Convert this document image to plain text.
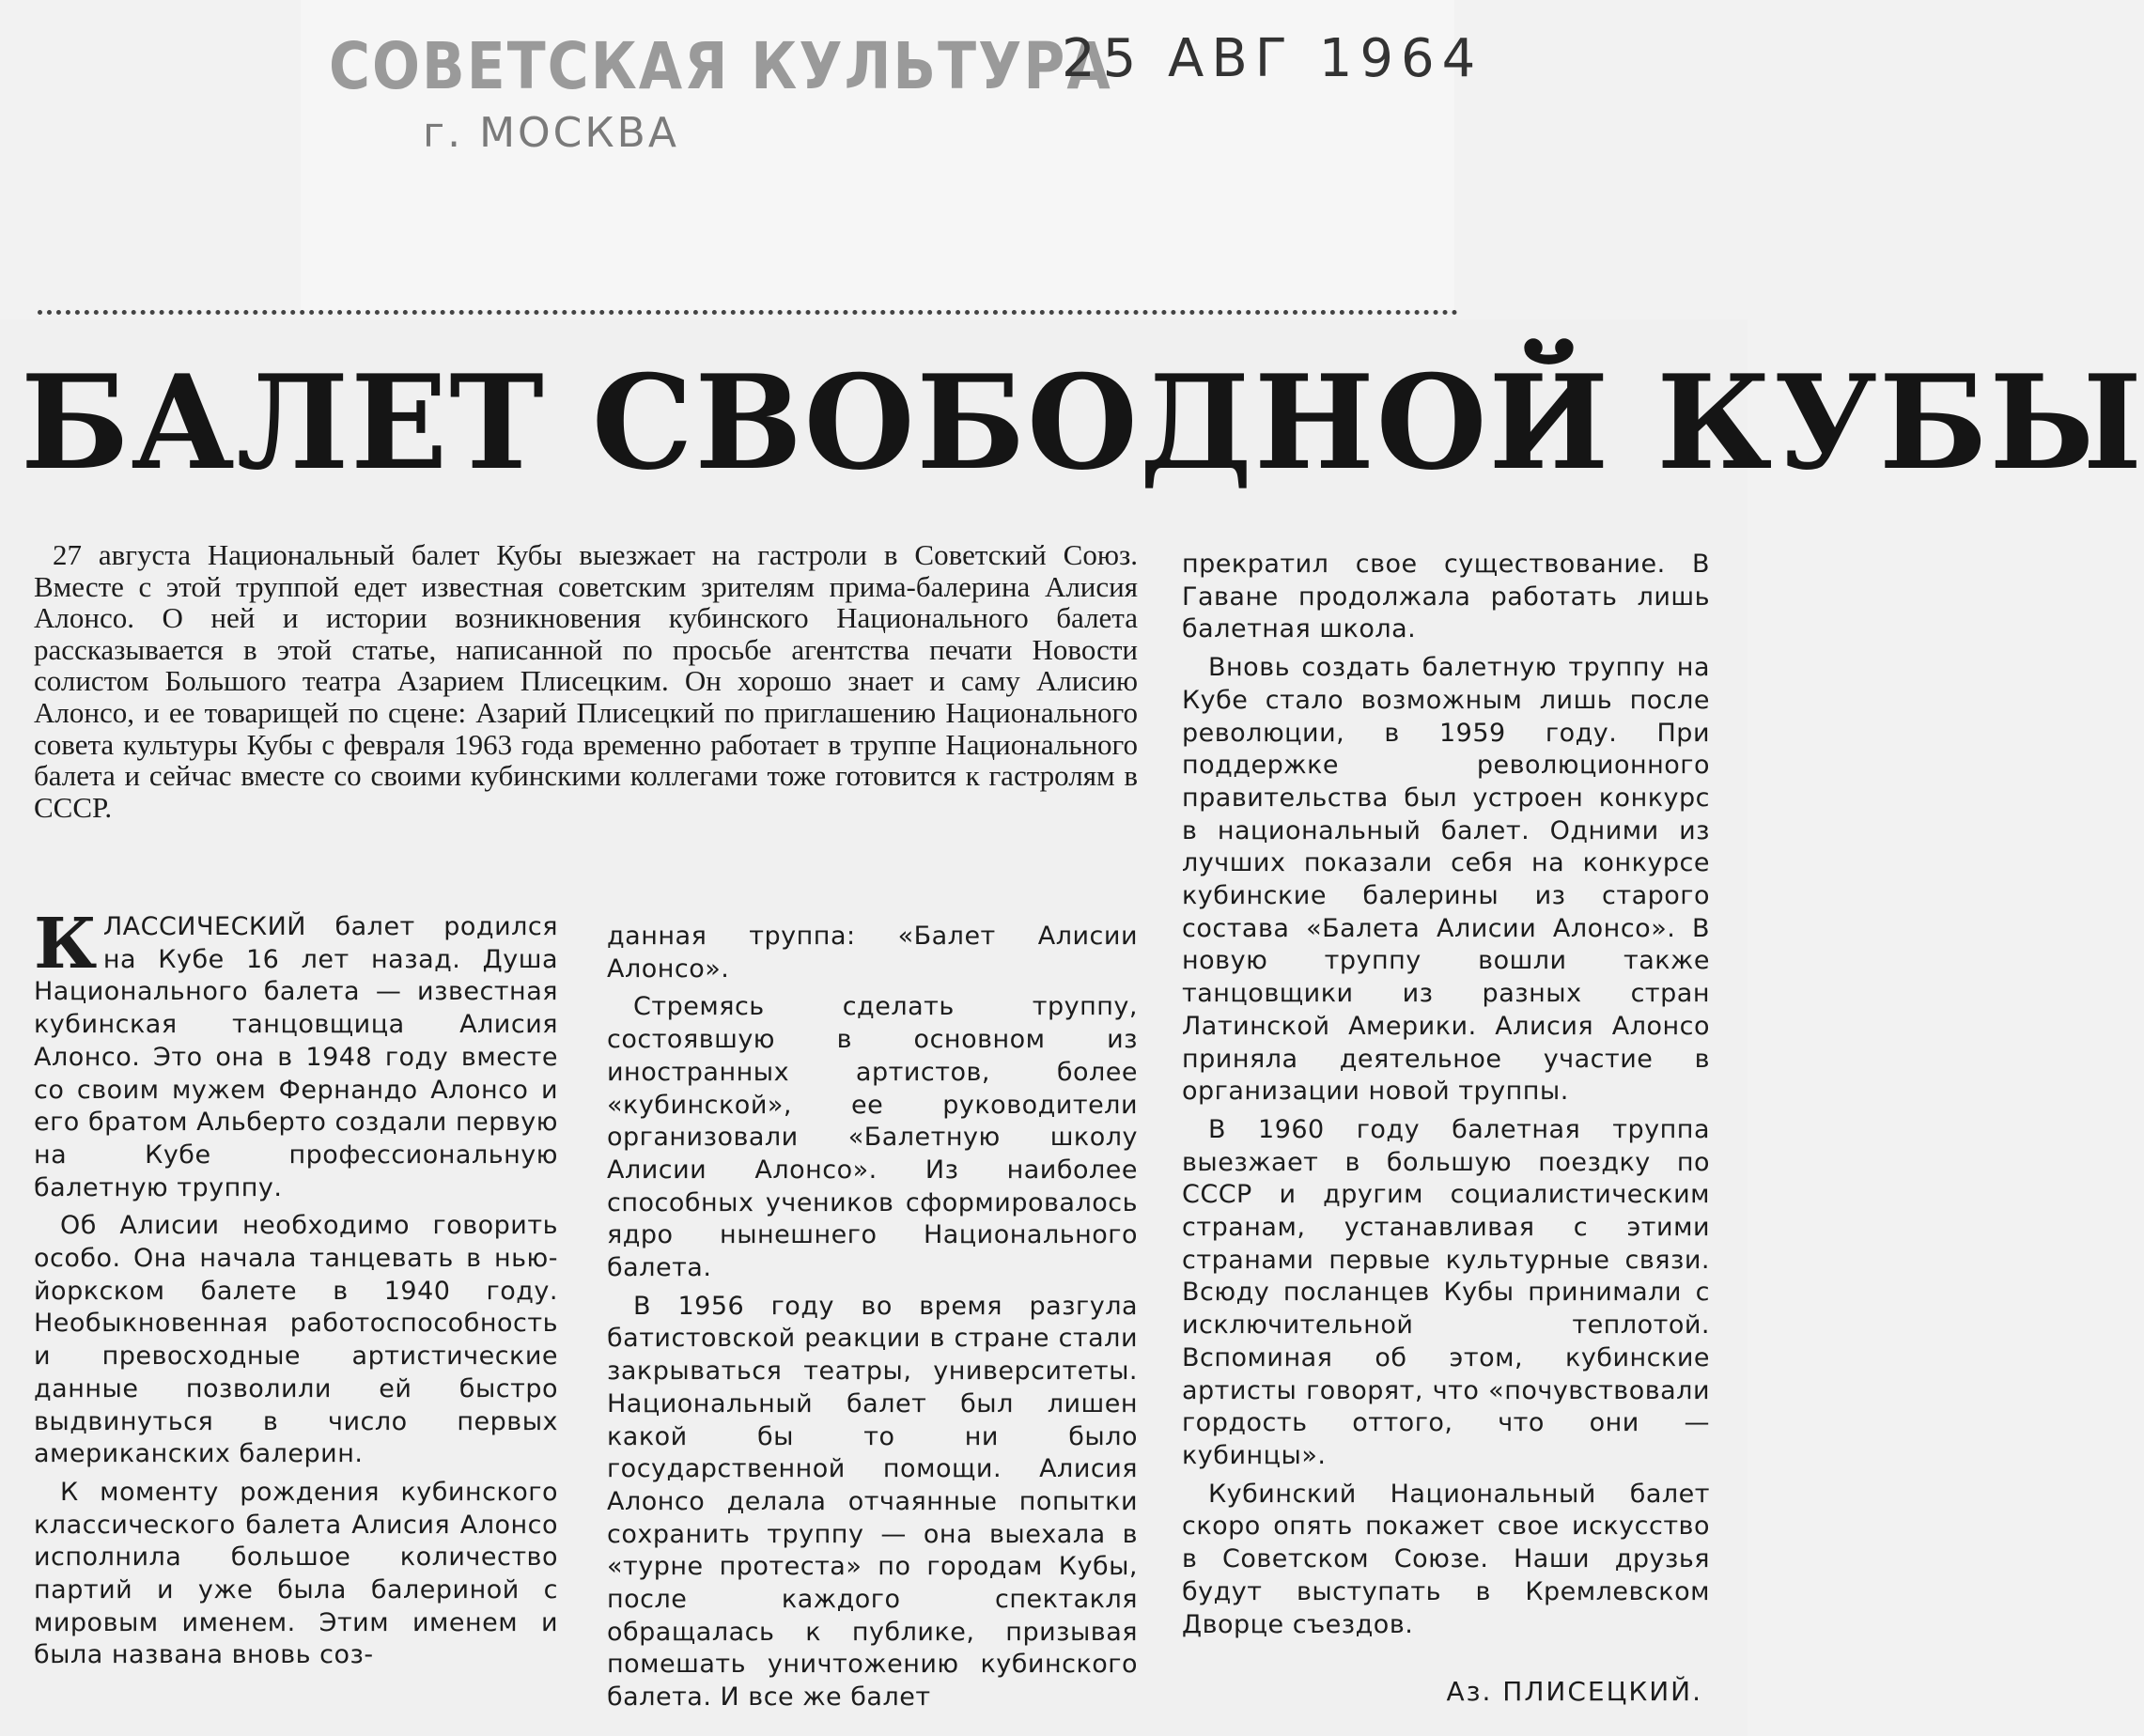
СОВЕТСКАЯ КУЛЬТУРА
г. МОСКВА
25 АВГ 1964
БАЛЕТ СВОБОДНОЙ КУБЫ

27 августа Национальный балет Кубы выезжает на гастроли в Советский Союз. Вместе с этой труппой едет известная советским зрителям прима-балерина Алисия Алонсо. О ней и истории возникновения кубинского Национального балета рассказывается в этой статье, написанной по просьбе агентства печати Новости солистом Большого театра Азарием Плисецким. Он хорошо знает и саму Алисию Алонсо, и ее товарищей по сцене: Азарий Плисецкий по приглашению Национального совета культуры Кубы с февраля 1963 года временно работает в труппе Национального балета и сейчас вместе со своими кубинскими коллегами тоже готовится к гастролям в СССР.

КЛАССИЧЕСКИЙ балет родился на Кубе 16 лет назад. Душа Национального балета — известная кубинская танцовщица Алисия Алонсо. Это она в 1948 году вместе со своим мужем Фернандо Алонсо и его братом Альберто создали первую на Кубе профессиональную балетную труппу.

Об Алисии необходимо говорить особо. Она начала танцевать в нью-йоркском балете в 1940 году. Необыкновенная работоспособность и превосходные артистические данные позволили ей быстро выдвинуться в число первых американских балерин.

К моменту рождения кубинского классического балета Алисия Алонсо исполнила большое количество партий и уже была балериной с мировым именем. Этим именем и была названа вновь соз-

данная труппа: «Балет Алисии Алонсо».

Стремясь сделать труппу, состоявшую в основном из иностранных артистов, более «кубинской», ее руководители организовали «Балетную школу Алисии Алонсо». Из наиболее способных учеников сформировалось ядро нынешнего Национального балета.

В 1956 году во время разгула батистовской реакции в стране стали закрываться театры, университеты. Национальный балет был лишен какой бы то ни было государственной помощи. Алисия Алонсо делала отчаянные попытки сохранить труппу — она выехала в «турне протеста» по городам Кубы, после каждого спектакля обращалась к публике, призывая помешать уничтожению кубинского балета. И все же балет

прекратил свое существование. В Гаване продолжала работать лишь балетная школа.

Вновь создать балетную труппу на Кубе стало возможным лишь после революции, в 1959 году. При поддержке революционного правительства был устроен конкурс в национальный балет. Одними из лучших показали себя на конкурсе кубинские балерины из старого состава «Балета Алисии Алонсо». В новую труппу вошли также танцовщики из разных стран Латинской Америки. Алисия Алонсо приняла деятельное участие в организации новой труппы.

В 1960 году балетная труппа выезжает в большую поездку по СССР и другим социалистическим странам, устанавливая с этими странами первые культурные связи. Всюду посланцев Кубы принимали с исключительной теплотой. Вспоминая об этом, кубинские артисты говорят, что «почувствовали гордость оттого, что они — кубинцы».

Кубинский Национальный балет скоро опять покажет свое искусство в Советском Союзе. Наши друзья будут выступать в Кремлевском Дворце съездов.

Аз. ПЛИСЕЦКИЙ.
